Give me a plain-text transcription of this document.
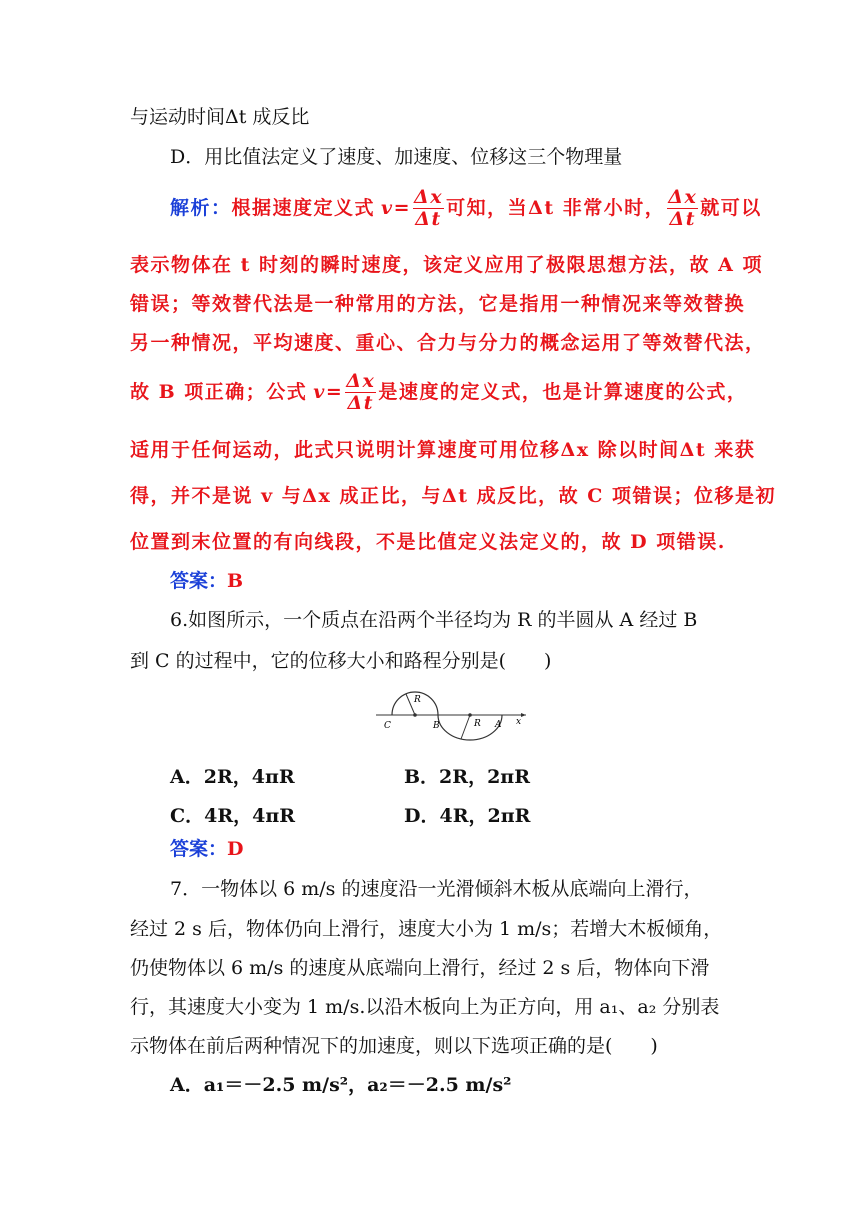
与运动时间Δt 成反比
D．用比值法定义了速度、加速度、位移这三个物理量
解析： 根据速度定义式 $v = \frac{\Delta x}{\Delta t}$ 可知，当Δt 非常小时， $\frac{\Delta x}{\Delta t}$ 就可以
表示物体在 t 时刻的瞬时速度，该定义应用了极限思想方法，故 A 项
错误；等效替代法是一种常用的方法，它是指用一种情况来等效替换
另一种情况，平均速度、重心、合力与分力的概念运用了等效替代法，
故 B 项正确；公式 $v = \frac{\Delta x}{\Delta t}$ 是速度的定义式，也是计算速度的公式，
适用于任何运动，此式只说明计算速度可用位移Δx 除以时间Δt 来获
得，并不是说 v 与Δx 成正比，与Δt 成反比，故 C 项错误；位移是初
位置到末位置的有向线段，不是比值定义法定义的，故 D 项错误.
答案：B
6.如图所示，一个质点在沿两个半径均为 R 的半圆从 A 经过 B
到 C 的过程中，它的位移大小和路程分别是(　　)
C	B	A
R
R	x
A．2R，4πR	B．2R，2πR
C．4R，4πR	D．4R，2πR
答案：D
7．一物体以 6 m/s 的速度沿一光滑倾斜木板从底端向上滑行，
经过 2 s 后，物体仍向上滑行，速度大小为 1 m/s；若增大木板倾角，
仍使物体以 6 m/s 的速度从底端向上滑行，经过 2 s 后，物体向下滑
行，其速度大小变为 1 m/s.以沿木板向上为正方向，用 a₁、a₂ 分别表
示物体在前后两种情况下的加速度，则以下选项正确的是(　　)
A．a₁＝－2.5 m/s²，a₂＝－2.5 m/s²
